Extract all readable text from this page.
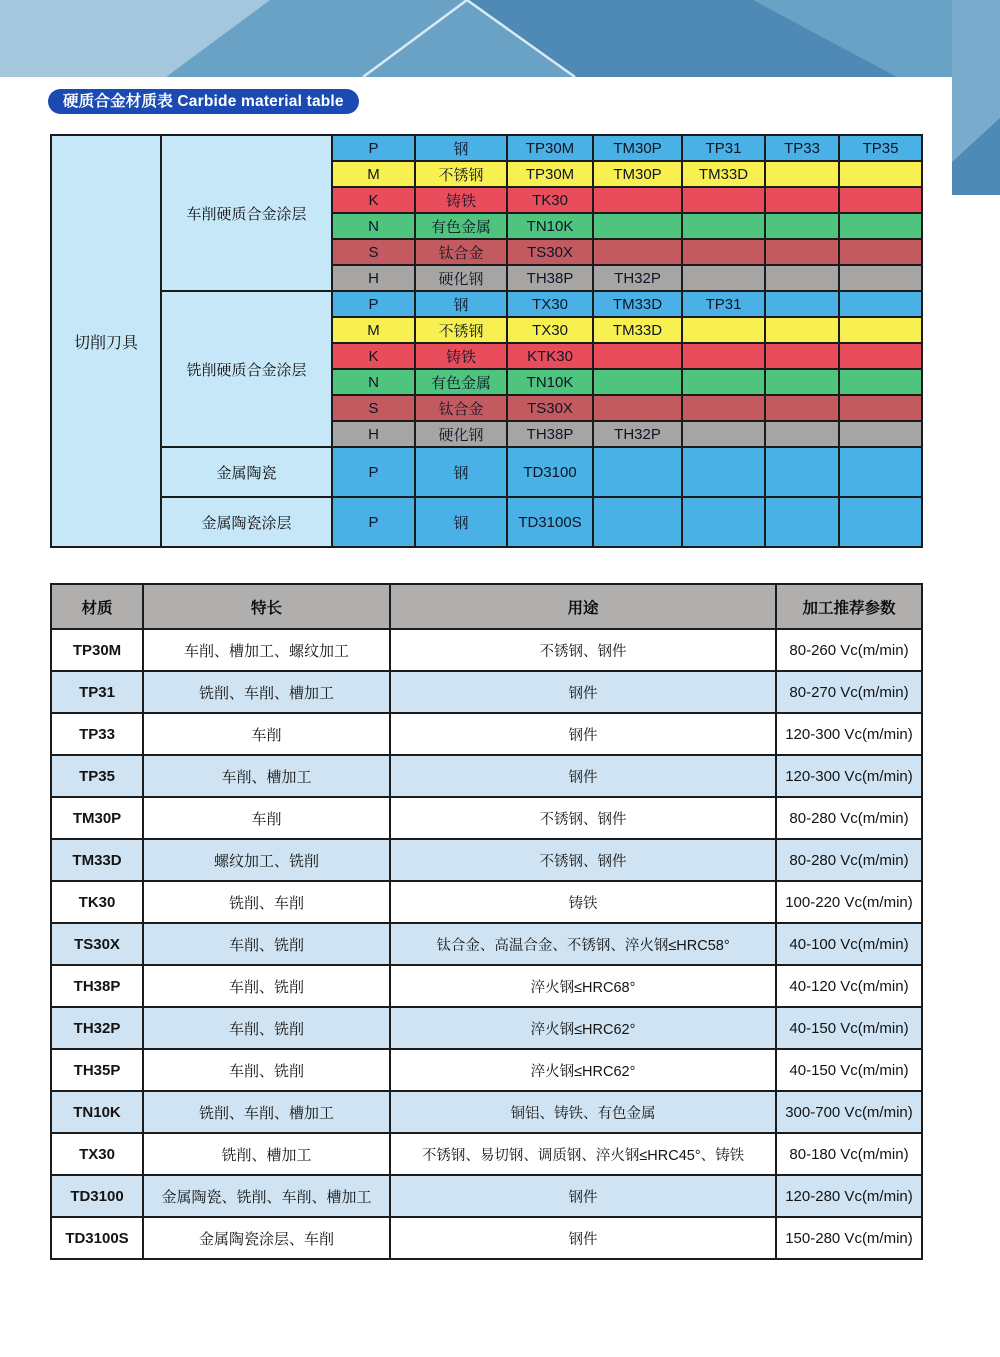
硬质合金材质表 Carbide material table
切削刀具	车削硬质合金涂层	P	钢	TP30M	TM30P	TP31	TP33	TP35
		M	不锈钢	TP30M	TM30P	TM33D		
		K	铸铁	TK30				
		N	有色金属	TN10K				
		S	钛合金	TS30X				
		H	硬化钢	TH38P	TH32P			
	铣削硬质合金涂层	P	钢	TX30	TM33D	TP31		
		M	不锈钢	TX30	TM33D			
		K	铸铁	KTK30				
		N	有色金属	TN10K				
		S	钛合金	TS30X				
		H	硬化钢	TH38P	TH32P			
	金属陶瓷	P	钢	TD3100				
	金属陶瓷涂层	P	钢	TD3100S				
材质	特长	用途	加工推荐参数
TP30M	车削、槽加工、螺纹加工	不锈钢、钢件	80-260 Vc(m/min)
TP31	铣削、车削、槽加工	钢件	80-270 Vc(m/min)
TP33	车削	钢件	120-300 Vc(m/min)
TP35	车削、槽加工	钢件	120-300 Vc(m/min)
TM30P	车削	不锈钢、钢件	80-280 Vc(m/min)
TM33D	螺纹加工、铣削	不锈钢、钢件	80-280 Vc(m/min)
TK30	铣削、车削	铸铁	100-220 Vc(m/min)
TS30X	车削、铣削	钛合金、高温合金、不锈钢、淬火钢≤HRC58°	40-100 Vc(m/min)
TH38P	车削、铣削	淬火钢≤HRC68°	40-120 Vc(m/min)
TH32P	车削、铣削	淬火钢≤HRC62°	40-150 Vc(m/min)
TH35P	车削、铣削	淬火钢≤HRC62°	40-150 Vc(m/min)
TN10K	铣削、车削、槽加工	铜铝、铸铁、有色金属	300-700 Vc(m/min)
TX30	铣削、槽加工	不锈钢、易切钢、调质钢、淬火钢≤HRC45°、铸铁	80-180 Vc(m/min)
TD3100	金属陶瓷、铣削、车削、槽加工	钢件	120-280 Vc(m/min)
TD3100S	金属陶瓷涂层、车削	钢件	150-280 Vc(m/min)
